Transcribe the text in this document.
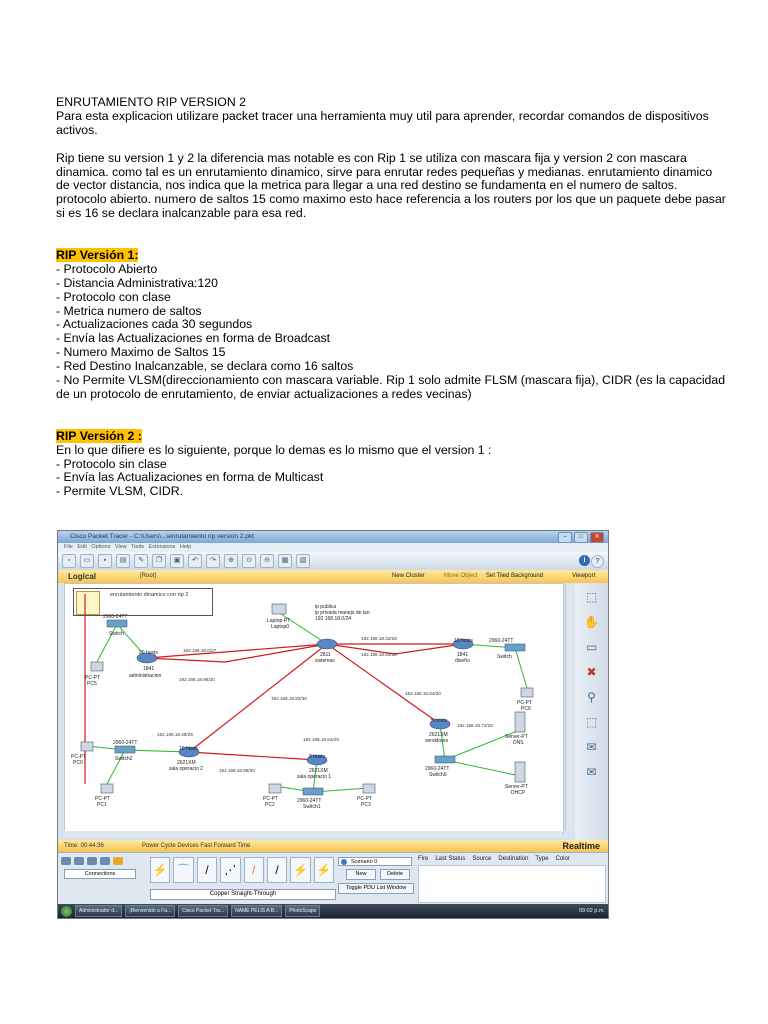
ENRUTAMIENTO RIP VERSION 2

Para esta explicacion utilizare packet tracer una herramienta muy util para aprender, recordar comandos de dispositivos activos.

Rip tiene su version 1 y 2 la diferencia mas notable es con Rip 1 se utiliza con mascara fija y version 2 con mascara dinamica. como tal es un enrutamiento dinamico, sirve para enrutar redes pequeñas y medianas. enrutamiento dinamico de vector distancia, nos indica que la metrica para llegar a una red destino se fundamenta en el numero de saltos. protocolo abierto. numero de saltos 15 como maximo esto hace referencia a los routers por los que un paquete debe pasar si es 16 se declara inalcanzable para esa red.

RIP Versión 1:

- Protocolo Abierto

- Distancia Administrativa:120

- Protocolo con clase

- Metrica numero de saltos

- Actualizaciones cada 30 segundos

- Envía las Actualizaciones en forma de Broadcast

- Numero Maximo de Saltos 15

- Red Destino Inalcanzable, se declara como 16 saltos

- No Permite VLSM(direccionamiento con mascara variable. Rip 1 solo admite FLSM (mascara fija), CIDR (es la capacidad de un protocolo de enrutamiento, de enviar actualizaciones a redes vecinas)

RIP Versión 2 :

En lo que difiere es lo siguiente, porque lo demas es lo mismo que el version 1 :

- Protocolo sin clase

- Envía las Actualizaciones en forma de Multicast

- Permite VLSM, CIDR.

Cisco Packet Tracer - C:\Users\...\enrutamiento rip version 2.pkt	–	□	✕
File Edit Options View Tools Extensions Help
▫	▭	▪	▤	✎	❐	▣	↶	↷	⊕	⊙	⊖	▦	▧	i	?
Logical	[Root]	New Cluster	Move Object Set Tiled Background	Viewport
enrutamiento dinamico con rip 2
ip publica
ip privada manejo de lan
192.168.18.0/24
Laptop-PT
Laptop0
2960-24TT
Switch
20 hosts
1841
administracion
PC-PT
PC5
2811
sistemas
15 hosts
1841
diseño
2960-24TT
Switch
PC-PT
PC6
5 hosts
2621XM
servidores
PC-PT
PC0
2960-24TT
Switch2
10 hosts
2621XM
sala operacio 2
8 hosts
2621XM
sala operacio 1
PC-PT
PC1
PC-PT
PC2
2960-24TT
Switch1
PC-PT
PC3
2960-24TT
Switch0
Server-PT
DNS
Server-PT
DHCP
192.168.18.0/27
192.168.18.96/30
192.168.18.32/28
192.168.18.80/30
192.168.18.92/30
192.168.18.84/30
192.168.18.48/28
192.168.18.64/29
192.168.18.88/30
192.168.18.72/29
⬚
✋
▭
✖
⚲
⬚
✉
✉
Time: 00:44:36	Power Cycle Devices Fast Forward Time	Realtime
Connections	⚡ ⌒	/	⋰	/	/	⚡ ⚡
Copper Straight-Through
Scenario 0
New	Delete
Toggle PDU List Window
Fire Last Status Source Destination Type Color
Administrador d...	¡Bienvenido a Fa...	Cisco Packet Tra...	NAME PELIS A B...	PhotoScape	09:02 p.m.
